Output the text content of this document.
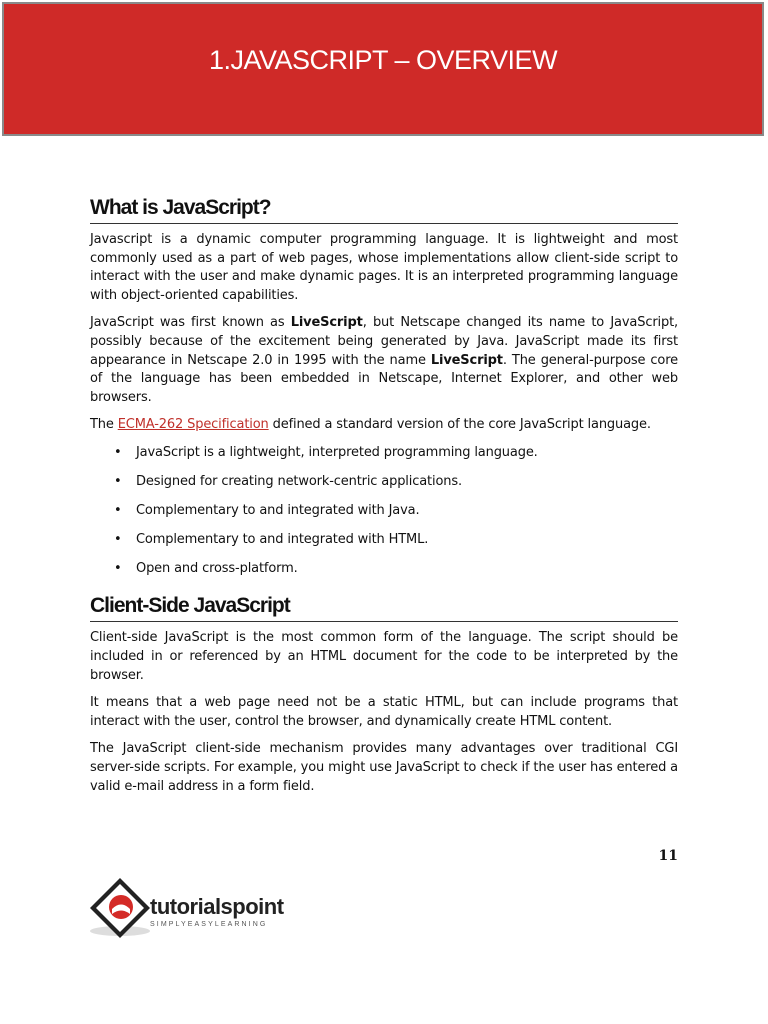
1.JAVASCRIPT – OVERVIEW
What is JavaScript?

Javascript is a dynamic computer programming language. It is lightweight and most commonly used as a part of web pages, whose implementations allow client-side script to interact with the user and make dynamic pages. It is an interpreted programming language with object-oriented capabilities.

JavaScript was first known as LiveScript, but Netscape changed its name to JavaScript, possibly because of the excitement being generated by Java. JavaScript made its first appearance in Netscape 2.0 in 1995 with the name LiveScript. The general-purpose core of the language has been embedded in Netscape, Internet Explorer, and other web browsers.

The ECMA-262 Specification defined a standard version of the core JavaScript language.

• JavaScript is a lightweight, interpreted programming language.
• Designed for creating network-centric applications.
• Complementary to and integrated with Java.
• Complementary to and integrated with HTML.
• Open and cross-platform.
Client-Side JavaScript

Client-side JavaScript is the most common form of the language. The script should be included in or referenced by an HTML document for the code to be interpreted by the browser.

It means that a web page need not be a static HTML, but can include programs that interact with the user, control the browser, and dynamically create HTML content.

The JavaScript client-side mechanism provides many advantages over traditional CGI server-side scripts. For example, you might use JavaScript to check if the user has entered a valid e-mail address in a form field.

11
tutorialspoint
SIMPLYEASYLEARNING
